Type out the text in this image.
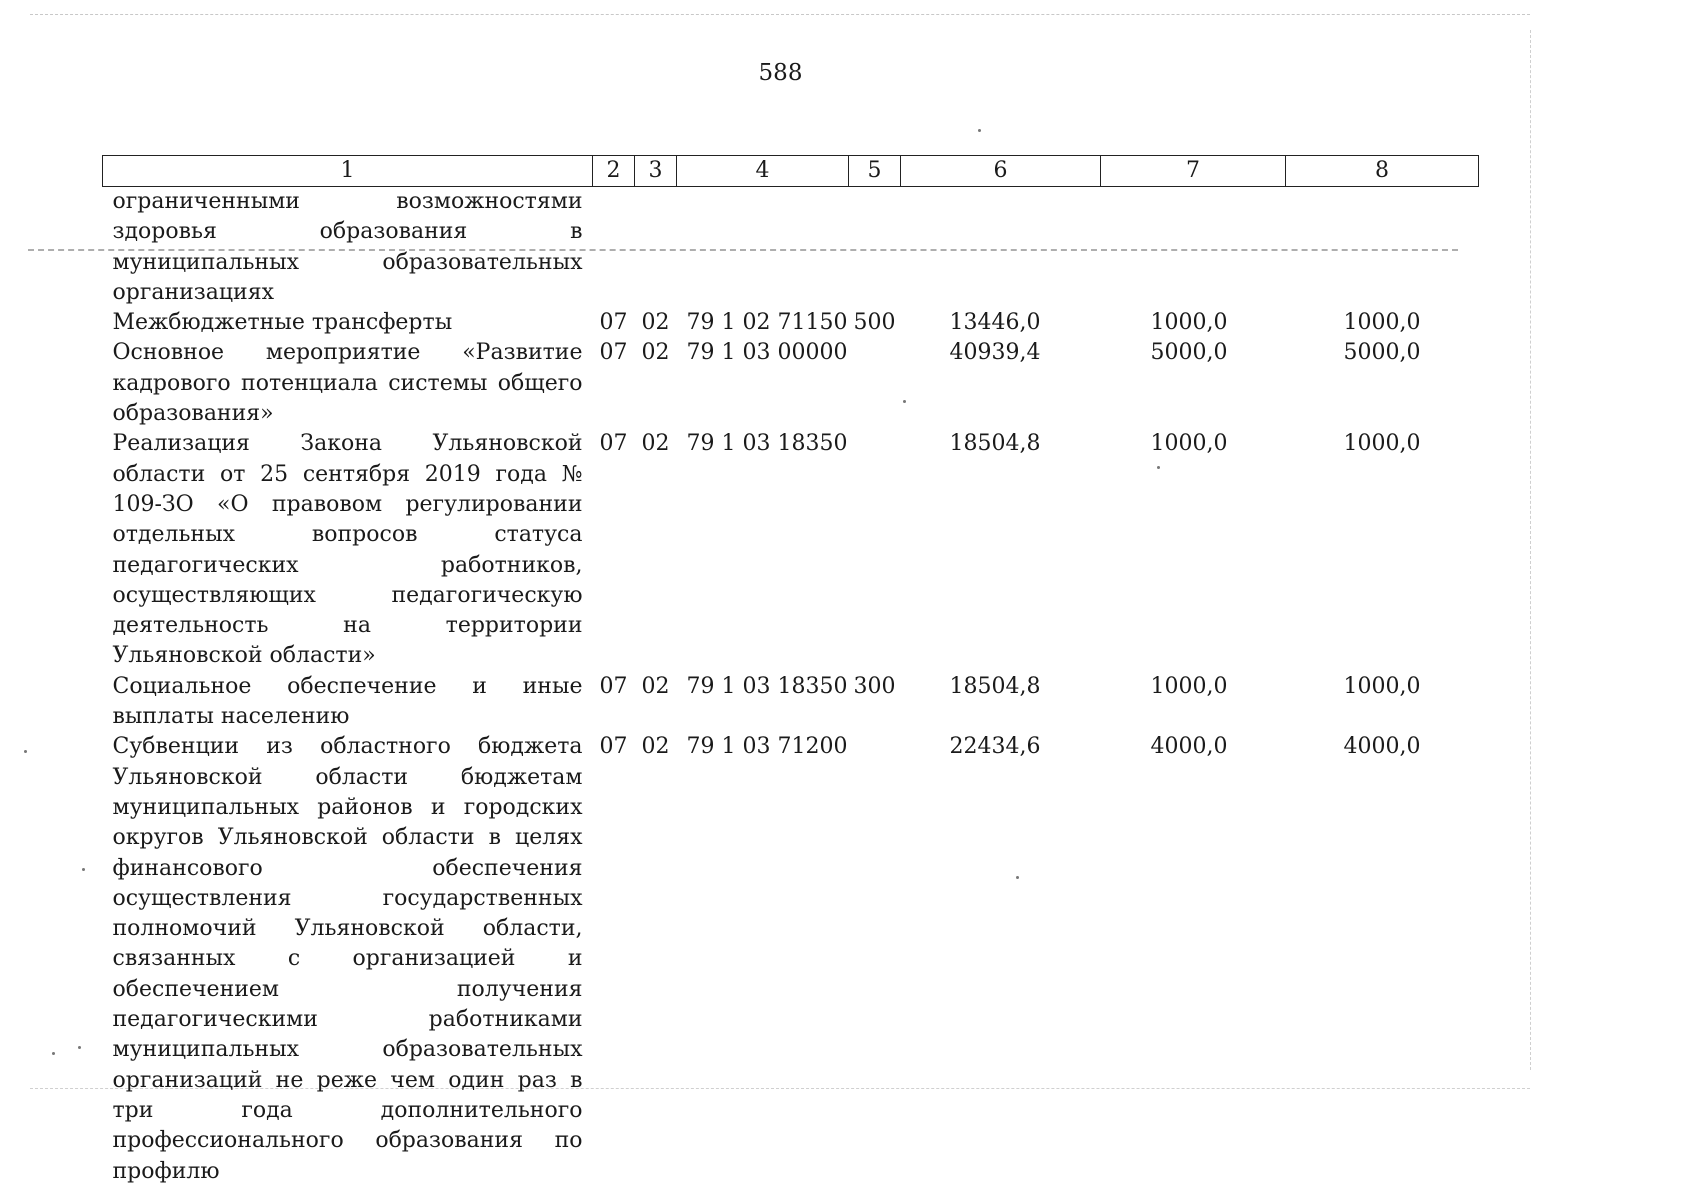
588
1	2	3	4	5	6	7	8
ограниченными возможностями здоровья образования в муниципальных образовательных организациях							
Межбюджетные трансферты	07	02	79 1 02 71150	500	13446,0	1000,0	1000,0
Основное мероприятие «Развитие кадрового потенциала системы общего образования»	07	02	79 1 03 00000		40939,4	5000,0	5000,0
Реализация Закона Ульяновской области от 25 сентября 2019 года № 109-ЗО «О правовом регулировании отдельных вопросов статуса педагогических работников, осуществляющих педагогическую деятельность на территории Ульяновской области»	07	02	79 1 03 18350		18504,8	1000,0	1000,0
Социальное обеспечение и иные выплаты населению	07	02	79 1 03 18350	300	18504,8	1000,0	1000,0
Субвенции из областного бюджета Ульяновской области бюджетам муниципальных районов и городских округов Ульяновской области в целях финансового обеспечения осуществления государственных полномочий Ульяновской области, связанных с организацией и обеспечением получения педагогическими работниками муниципальных образовательных организаций не реже чем один раз в три года дополнительного профессионального образования по профилю	07	02	79 1 03 71200		22434,6	4000,0	4000,0
